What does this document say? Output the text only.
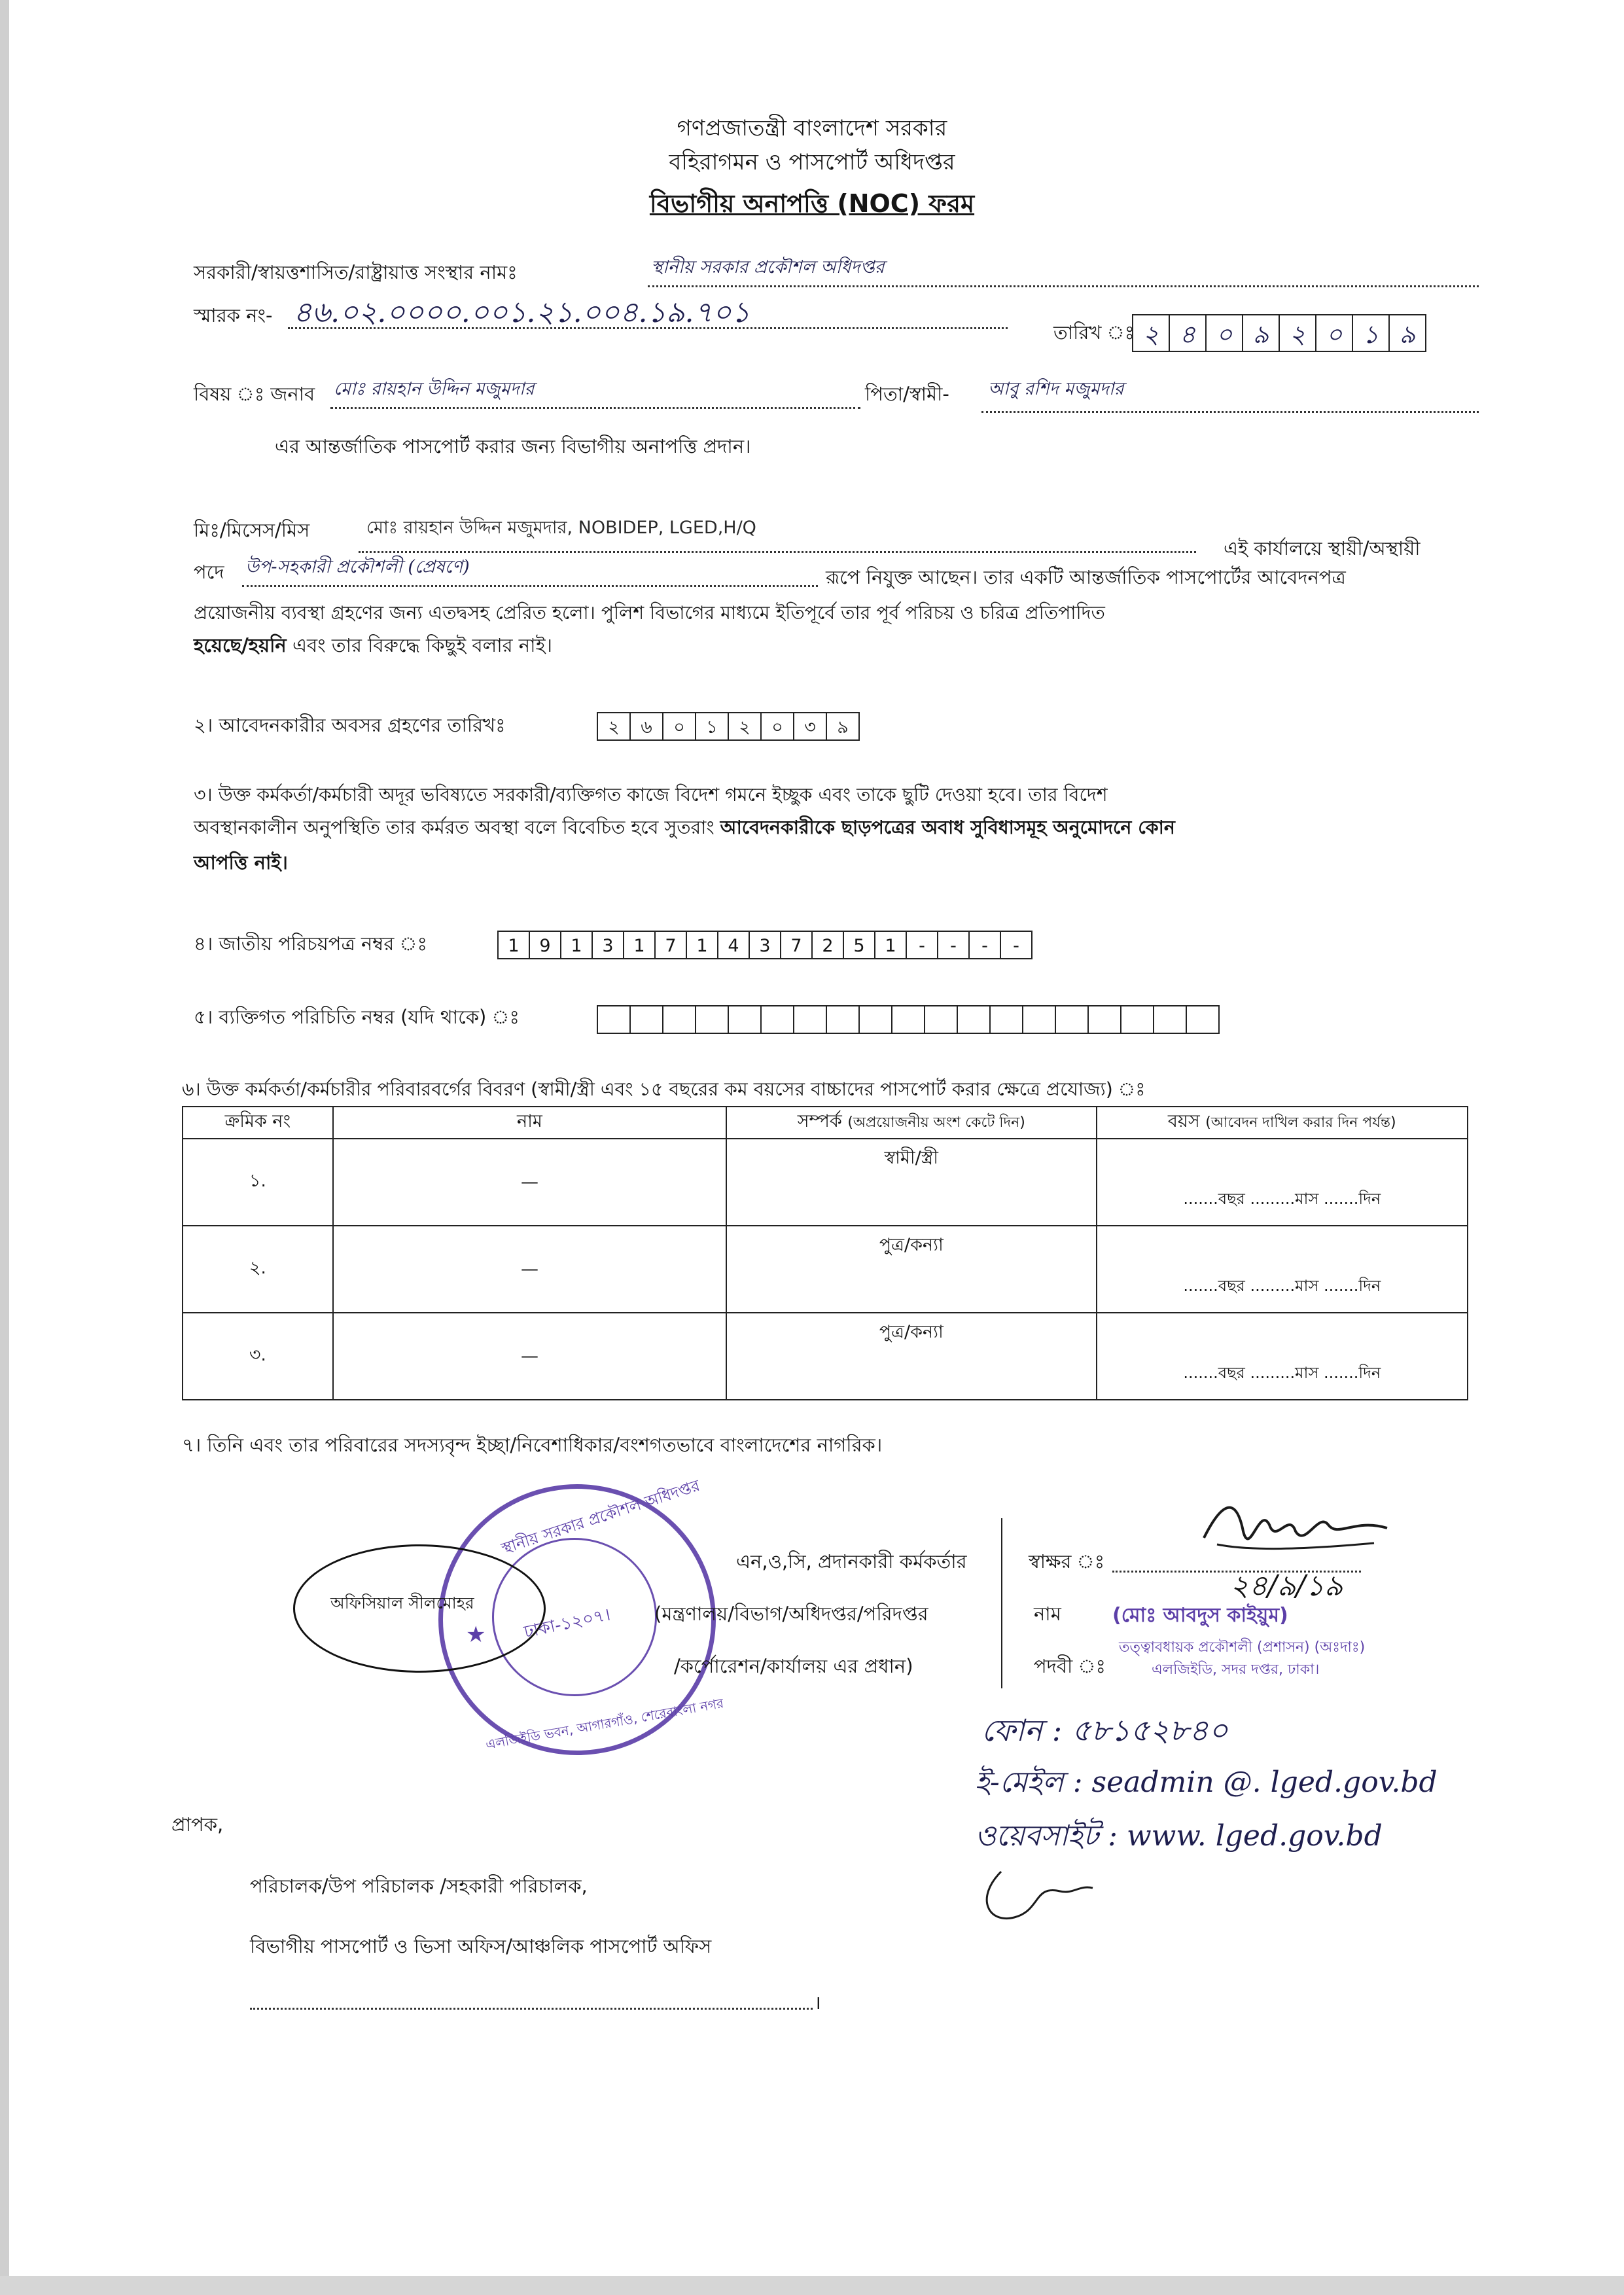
গণপ্রজাতন্ত্রী বাংলাদেশ সরকার
বহিরাগমন ও পাসপোর্ট অধিদপ্তর
বিভাগীয় অনাপত্তি (NOC) ফরম
সরকারী/স্বায়ত্তশাসিত/রাষ্ট্রায়াত্ত সংস্থার নামঃ	স্থানীয় সরকার প্রকৌশল অধিদপ্তর
স্মারক নং- ৪৬.০২.০০০০.০০১.২১.০০৪.১৯.৭০১
তারিখ ঃ ২ ৪ ০ ৯ ২ ০ ১ ৯
বিষয় ঃ জনাব মোঃ রায়হান উদ্দিন মজুমদার	পিতা/স্বামী- আবু রশিদ মজুমদার
এর আন্তর্জাতিক পাসপোর্ট করার জন্য বিভাগীয় অনাপত্তি প্রদান।
মিঃ/মিসেস/মিস	মোঃ রায়হান উদ্দিন মজুমদার, NOBIDEP, LGED,H/Q
এই কার্যালয়ে স্থায়ী/অস্থায়ী
পদে উপ-সহকারী প্রকৌশলী (প্রেষণে)	রূপে নিযুক্ত আছেন। তার একটি আন্তর্জাতিক পাসপোর্টের আবেদনপত্র
প্রয়োজনীয় ব্যবস্থা গ্রহণের জন্য এতদ্বসহ প্রেরিত হলো। পুলিশ বিভাগের মাধ্যমে ইতিপূর্বে তার পূর্ব পরিচয় ও চরিত্র প্রতিপাদিত
হয়েছে/হয়নি এবং তার বিরুদ্ধে কিছুই বলার নাই।
২। আবেদনকারীর অবসর গ্রহণের তারিখঃ	২	৬	০	১	২	০	৩	৯
৩। উক্ত কর্মকর্তা/কর্মচারী অদূর ভবিষ্যতে সরকারী/ব্যক্তিগত কাজে বিদেশ গমনে ইচ্ছুক এবং তাকে ছুটি দেওয়া হবে। তার বিদেশ
অবস্থানকালীন অনুপস্থিতি তার কর্মরত অবস্থা বলে বিবেচিত হবে সুতরাং আবেদনকারীকে ছাড়পত্রের অবাধ সুবিধাসমূহ অনুমোদনে কোন
আপত্তি নাই।
৪। জাতীয় পরিচয়পত্র নম্বর ঃ	1	9	1	3	1	7	1	4	3	7	2	5	1	-	-	-	-
৫। ব্যক্তিগত পরিচিতি নম্বর (যদি থাকে) ঃ
৬। উক্ত কর্মকর্তা/কর্মচারীর পরিবারবর্গের বিবরণ (স্বামী/স্ত্রী এবং ১৫ বছরের কম বয়সের বাচ্চাদের পাসপোর্ট করার ক্ষেত্রে প্রযোজ্য) ঃ
ক্রমিক নং	নাম	সম্পর্ক (অপ্রয়োজনীয় অংশ কেটে দিন)	বয়স (আবেদন দাখিল করার দিন পর্যন্ত)
১.	—	স্বামী/স্ত্রী	.......বছর .........মাস .......দিন
২.	—	পুত্র/কন্যা	.......বছর .........মাস .......দিন
৩.	—	পুত্র/কন্যা	.......বছর .........মাস .......দিন
৭। তিনি এবং তার পরিবারের সদস্যবৃন্দ ইচ্ছা/নিবেশাধিকার/বংশগতভাবে বাংলাদেশের নাগরিক।
স্থানীয় সরকার প্রকৌশল অধিদপ্তর
ঢাকা-১২০৭।
এলজিইডি ভবন, আগারগাঁও, শেরেবাংলা নগর
★
অফিসিয়াল সীলমোহর
এন,ও,সি, প্রদানকারী কর্মকর্তার
(মন্ত্রণালয়/বিভাগ/অধিদপ্তর/পরিদপ্তর
/কর্পোরেশন/কার্যালয় এর প্রধান)
স্বাক্ষর ঃ
২৪/৯/১৯
নাম	(মোঃ আবদুস কাইয়ুম)
পদবী ঃ
তত্ত্বাবধায়ক প্রকৌশলী (প্রশাসন) (অঃদাঃ)
এলজিইডি, সদর দপ্তর, ঢাকা।
ফোন : ৫৮১৫২৮৪০
ই-মেইল : seadmin @. lged.gov.bd
ওয়েবসাইট : www. lged.gov.bd
প্রাপক,
পরিচালক/উপ পরিচালক /সহকারী পরিচালক,
বিভাগীয় পাসপোর্ট ও ভিসা অফিস/আঞ্চলিক পাসপোর্ট অফিস
।
